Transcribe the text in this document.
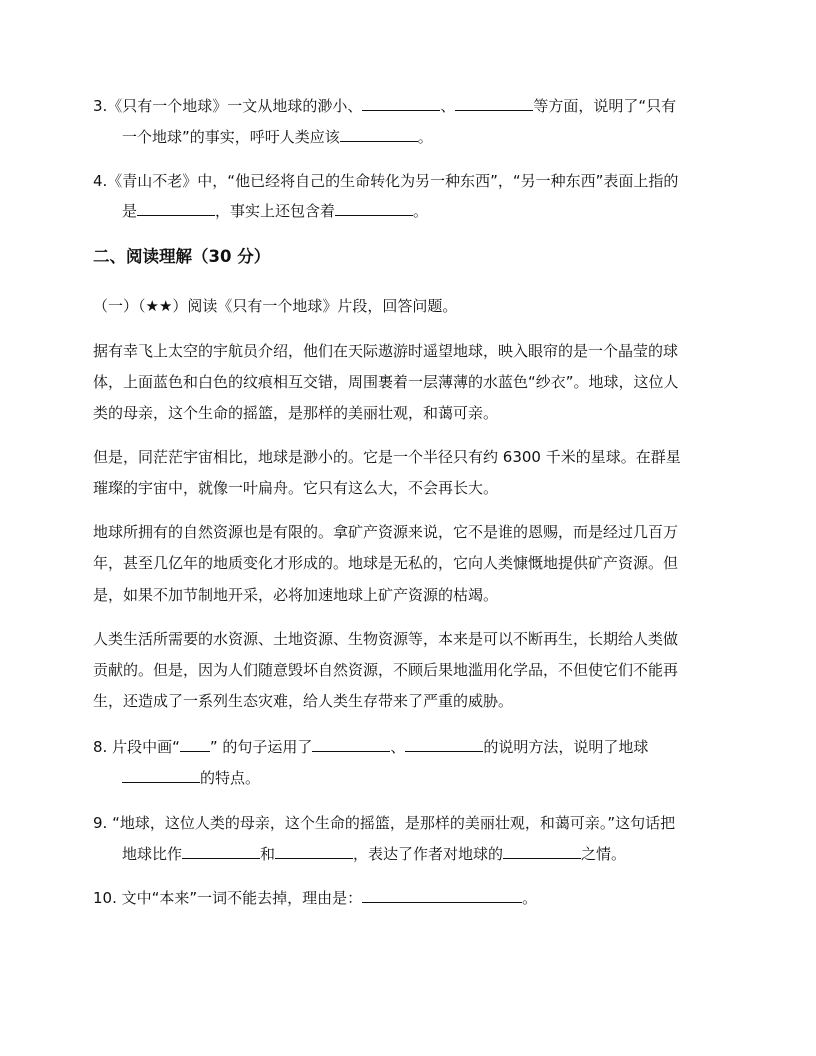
3.《只有一个地球》一文从地球的渺小、	、	等方面，说明了“只有
一个地球”的事实，呼吁人类应该	。
4.《青山不老》中，“他已经将自己的生命转化为另一种东西”，“另一种东西”表面上指的
是	，事实上还包含着	。
二、阅读理解（30 分）
（一）（★★）阅读《只有一个地球》片段，回答问题。
据有幸飞上太空的宇航员介绍，他们在天际遨游时遥望地球，映入眼帘的是一个晶莹的球
体，上面蓝色和白色的纹痕相互交错，周围裹着一层薄薄的水蓝色“纱衣”。地球，这位人
类的母亲，这个生命的摇篮，是那样的美丽壮观，和蔼可亲。
但是，同茫茫宇宙相比，地球是渺小的。它是一个半径只有约 6300 千米的星球。在群星
璀璨的宇宙中，就像一叶扁舟。它只有这么大，不会再长大。
地球所拥有的自然资源也是有限的。拿矿产资源来说，它不是谁的恩赐，而是经过几百万
年，甚至几亿年的地质变化才形成的。地球是无私的，它向人类慷慨地提供矿产资源。但
是，如果不加节制地开采，必将加速地球上矿产资源的枯竭。
人类生活所需要的水资源、土地资源、生物资源等，本来是可以不断再生，长期给人类做
贡献的。但是，因为人们随意毁坏自然资源，不顾后果地滥用化学品，不但使它们不能再
生，还造成了一系列生态灾难，给人类生存带来了严重的威胁。
8. 片段中画“ ” 的句子运用了	、	的说明方法，说明了地球
的特点。
9. “地球，这位人类的母亲，这个生命的摇篮，是那样的美丽壮观，和蔼可亲。”这句话把
地球比作	和	，表达了作者对地球的	之情。
10. 文中“本来”一词不能去掉，理由是：	。
